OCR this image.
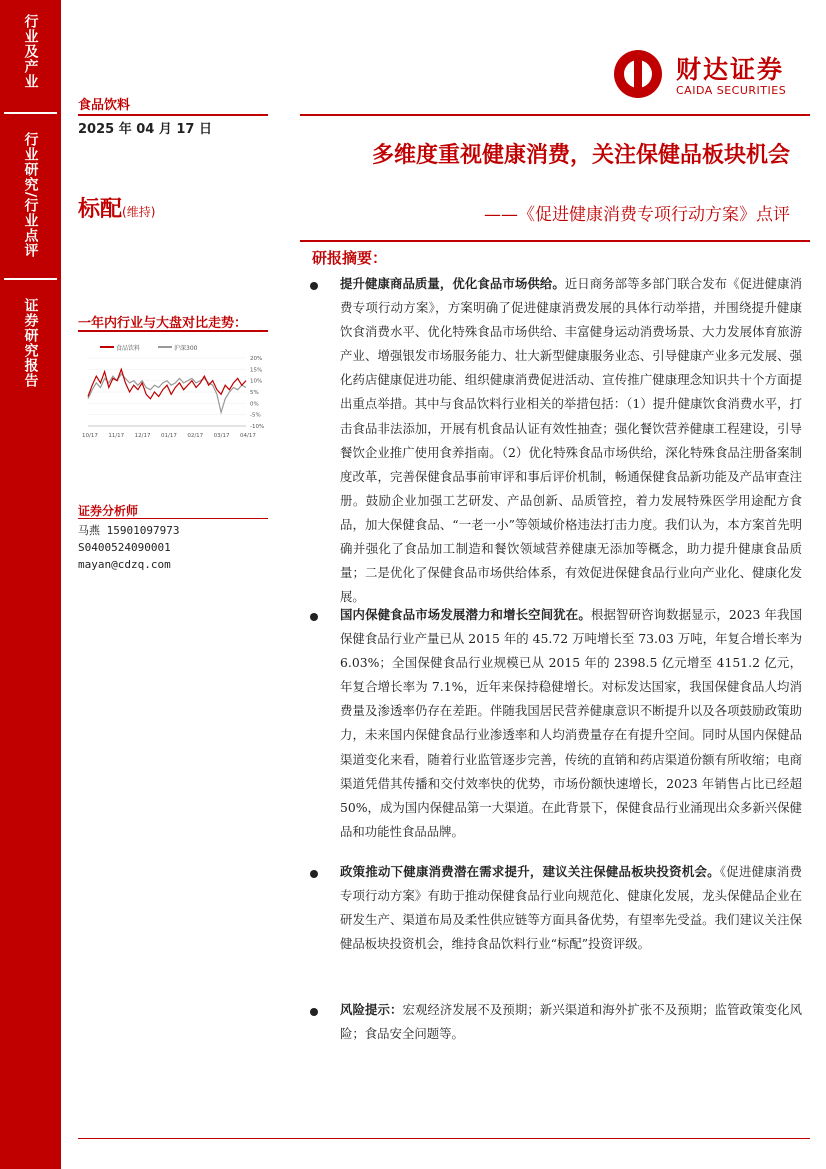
行业及产业
行业研究/行业点评
证券研究报告
财达证券
CAIDA SECURITIES
食品饮料
2025 年 04 月 17 日
标配(维持)
多维度重视健康消费，关注保健品板块机会
——《促进健康消费专项行动方案》点评
研报摘要：
一年内行业与大盘对比走势：
食品饮料	沪深300
20%
15%
10%
5%
0%
-5%
-10%
10/17 11/17 12/17 01/17 02/17 03/17 04/17
证券分析师
马燕 15901097973
S0400524090001
mayan@cdzq.com
提升健康商品质量，优化食品市场供给。近日商务部等多部门联合发布《促进健康消费专项行动方案》，方案明确了促进健康消费发展的具体行动举措，并围绕提升健康饮食消费水平、优化特殊食品市场供给、丰富健身运动消费场景、大力发展体育旅游产业、增强银发市场服务能力、壮大新型健康服务业态、引导健康产业多元发展、强化药店健康促进功能、组织健康消费促进活动、宣传推广健康理念知识共十个方面提出重点举措。其中与食品饮料行业相关的举措包括：（1）提升健康饮食消费水平，打击食品非法添加，开展有机食品认证有效性抽查；强化餐饮营养健康工程建设，引导餐饮企业推广使用食养指南。（2）优化特殊食品市场供给，深化特殊食品注册备案制度改革，完善保健食品事前审评和事后评价机制，畅通保健食品新功能及产品审查注册。鼓励企业加强工艺研发、产品创新、品质管控，着力发展特殊医学用途配方食品，加大保健食品、“一老一小”等领域价格违法打击力度。我们认为，本方案首先明确并强化了食品加工制造和餐饮领域营养健康无添加等概念，助力提升健康食品质量；二是优化了保健食品市场供给体系，有效促进保健食品行业向产业化、健康化发展。
国内保健食品市场发展潜力和增长空间犹在。根据智研咨询数据显示，2023 年我国保健食品行业产量已从 2015 年的 45.72 万吨增长至 73.03 万吨，年复合增长率为 6.03%；全国保健食品行业规模已从 2015 年的 2398.5 亿元增至 4151.2 亿元，年复合增长率为 7.1%，近年来保持稳健增长。对标发达国家，我国保健食品人均消费量及渗透率仍存在差距。伴随我国居民营养健康意识不断提升以及各项鼓励政策助力，未来国内保健食品行业渗透率和人均消费量存在有提升空间。同时从国内保健品渠道变化来看，随着行业监管逐步完善，传统的直销和药店渠道份额有所收缩；电商渠道凭借其传播和交付效率快的优势，市场份额快速增长，2023 年销售占比已经超 50%，成为国内保健品第一大渠道。在此背景下，保健食品行业涌现出众多新兴保健品和功能性食品品牌。
政策推动下健康消费潜在需求提升，建议关注保健品板块投资机会。《促进健康消费专项行动方案》有助于推动保健食品行业向规范化、健康化发展，龙头保健品企业在研发生产、渠道布局及柔性供应链等方面具备优势，有望率先受益。我们建议关注保健品板块投资机会，维持食品饮料行业“标配”投资评级。
风险提示：宏观经济发展不及预期；新兴渠道和海外扩张不及预期；监管政策变化风险；食品安全问题等。
